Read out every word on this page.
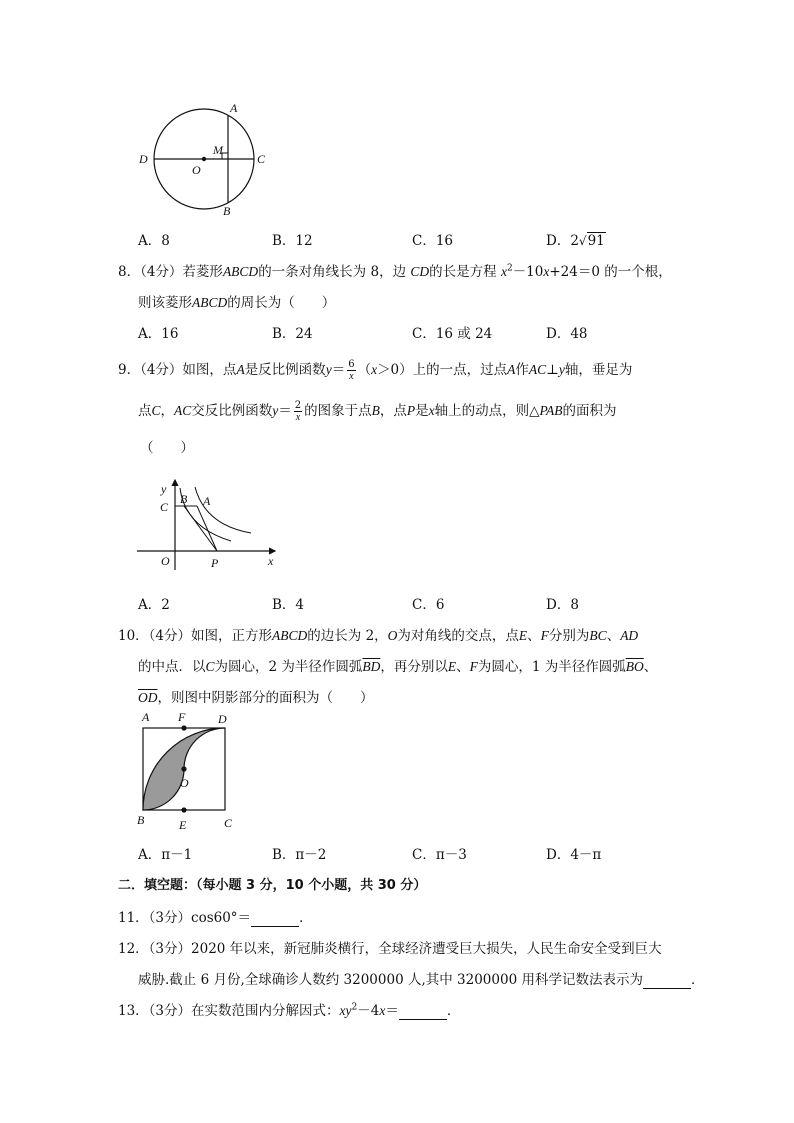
A
M
D	C
O
B
A．8	B．12	C．16	D．2√91
8．（4分）若菱形ABCD的一条对角线长为 8，边 CD的长是方程 $x^2-10x+24=0$ 的一个根，
则该菱形ABCD的周长为（　　）
A．16	B．24	C．16 或 24	D．48
9．（4分）如图，点A是反比例函数$y= \frac{6}{x} (x>0)$上的一点，过点A作AC⊥y轴，垂足为
点C，AC交反比例函数$y= \frac{2}{x}$ 的图象于点B，点P是x轴上的动点，则△PAB的面积为
（　　）
y
C
B A
O	P	x
A．2	B．4	C．6	D．8
10．（4分）如图，正方形ABCD的边长为 2，O为对角线的交点，点E、F分别为BC、AD
的中点．以C为圆心，2 为半径作圆弧$\overline{BD}$，再分别以E、F为圆心，1 为半径作圆弧$\overline{BO}$、
$\overline{OD}$，则图中阴影部分的面积为（　　）
A F	D
O
B	E	C
A．π－1	B．π－2	C．π－3	D．4－π
二．填空题：（每小题 3 分，10 个小题，共 30 分）
11．（3分）cos60°＝	．
12．（3分）2020 年以来，新冠肺炎横行，全球经济遭受巨大损失，人民生命安全受到巨大
威胁.截止 6 月份,全球确诊人数约 3200000 人,其中 3200000 用科学记数法表示为	．
13．（3分）在实数范围内分解因式：$xy^2-4x=$	．
